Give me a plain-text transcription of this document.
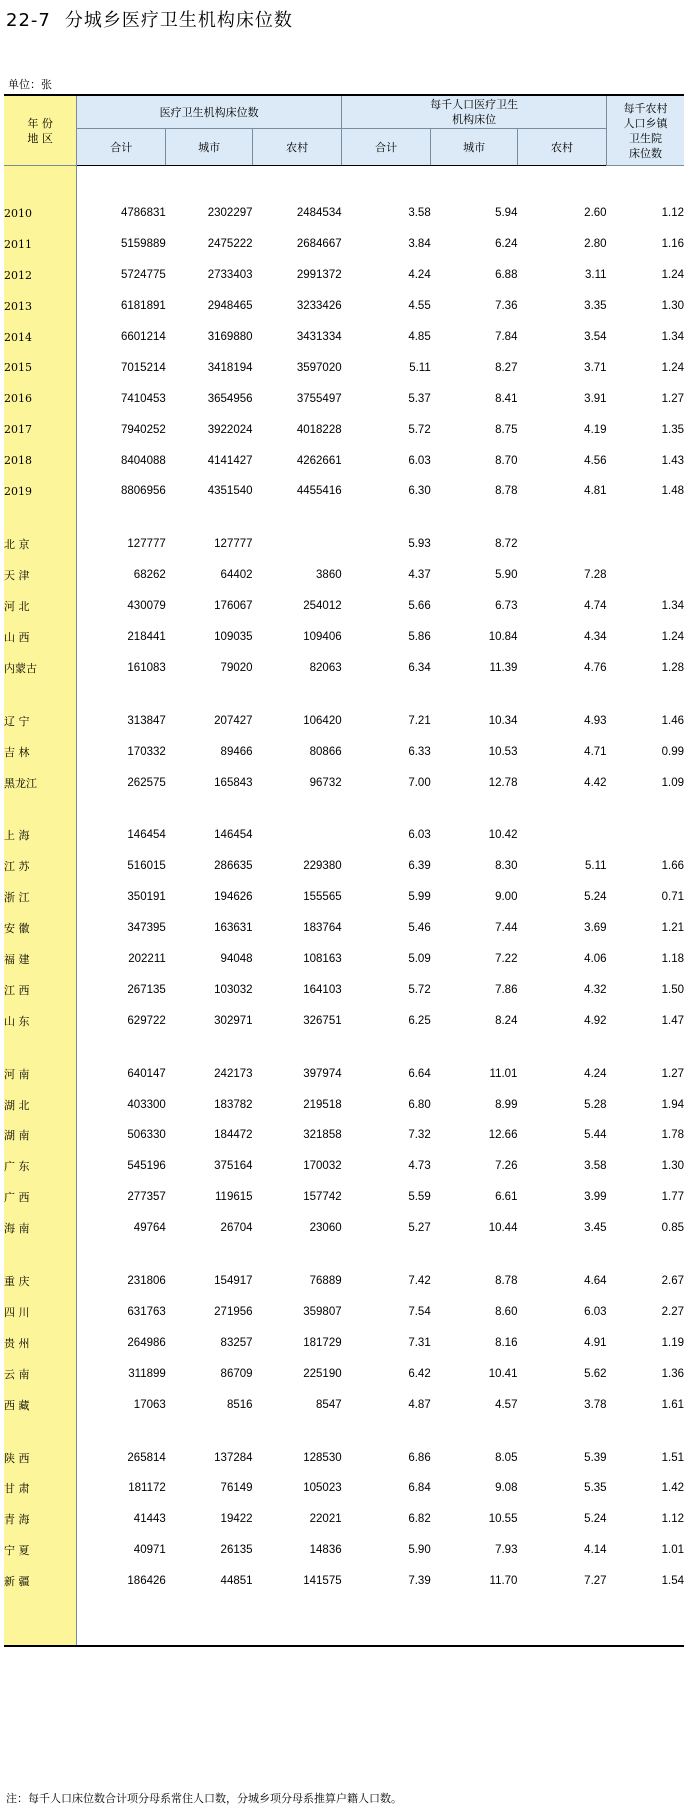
22-7 分城乡医疗卫生机构床位数
单位：张

年 份
地 区	医疗卫生机构床位数			每千人口医疗卫生
机构床位			每千农村
人口乡镇
卫生院
床位数
	合计	城市	农村	合计	城市	农村	

2010	4786831	2302297	2484534	3.58	5.94	2.60	1.12
2011	5159889	2475222	2684667	3.84	6.24	2.80	1.16
2012	5724775	2733403	2991372	4.24	6.88	3.11	1.24
2013	6181891	2948465	3233426	4.55	7.36	3.35	1.30
2014	6601214	3169880	3431334	4.85	7.84	3.54	1.34
2015	7015214	3418194	3597020	5.11	8.27	3.71	1.24
2016	7410453	3654956	3755497	5.37	8.41	3.91	1.27
2017	7940252	3922024	4018228	5.72	8.75	4.19	1.35
2018	8404088	4141427	4262661	6.03	8.70	4.56	1.43
2019	8806956	4351540	4455416	6.30	8.78	4.81	1.48

北 京	127777	127777		5.93	8.72		
天 津	68262	64402	3860	4.37	5.90	7.28	
河 北	430079	176067	254012	5.66	6.73	4.74	1.34
山 西	218441	109035	109406	5.86	10.84	4.34	1.24
内蒙古	161083	79020	82063	6.34	11.39	4.76	1.28

辽 宁	313847	207427	106420	7.21	10.34	4.93	1.46
吉 林	170332	89466	80866	6.33	10.53	4.71	0.99
黑龙江	262575	165843	96732	7.00	12.78	4.42	1.09

上 海	146454	146454		6.03	10.42		
江 苏	516015	286635	229380	6.39	8.30	5.11	1.66
浙 江	350191	194626	155565	5.99	9.00	5.24	0.71
安 徽	347395	163631	183764	5.46	7.44	3.69	1.21
福 建	202211	94048	108163	5.09	7.22	4.06	1.18
江 西	267135	103032	164103	5.72	7.86	4.32	1.50
山 东	629722	302971	326751	6.25	8.24	4.92	1.47

河 南	640147	242173	397974	6.64	11.01	4.24	1.27
湖 北	403300	183782	219518	6.80	8.99	5.28	1.94
湖 南	506330	184472	321858	7.32	12.66	5.44	1.78
广 东	545196	375164	170032	4.73	7.26	3.58	1.30
广 西	277357	119615	157742	5.59	6.61	3.99	1.77
海 南	49764	26704	23060	5.27	10.44	3.45	0.85

重 庆	231806	154917	76889	7.42	8.78	4.64	2.67
四 川	631763	271956	359807	7.54	8.60	6.03	2.27
贵 州	264986	83257	181729	7.31	8.16	4.91	1.19
云 南	311899	86709	225190	6.42	10.41	5.62	1.36
西 藏	17063	8516	8547	4.87	4.57	3.78	1.61

陕 西	265814	137284	128530	6.86	8.05	5.39	1.51
甘 肃	181172	76149	105023	6.84	9.08	5.35	1.42
青 海	41443	19422	22021	6.82	10.55	5.24	1.12
宁 夏	40971	26135	14836	5.90	7.93	4.14	1.01
新 疆	186426	44851	141575	7.39	11.70	7.27	1.54

注：每千人口床位数合计项分母系常住人口数，分城乡项分母系推算户籍人口数。
